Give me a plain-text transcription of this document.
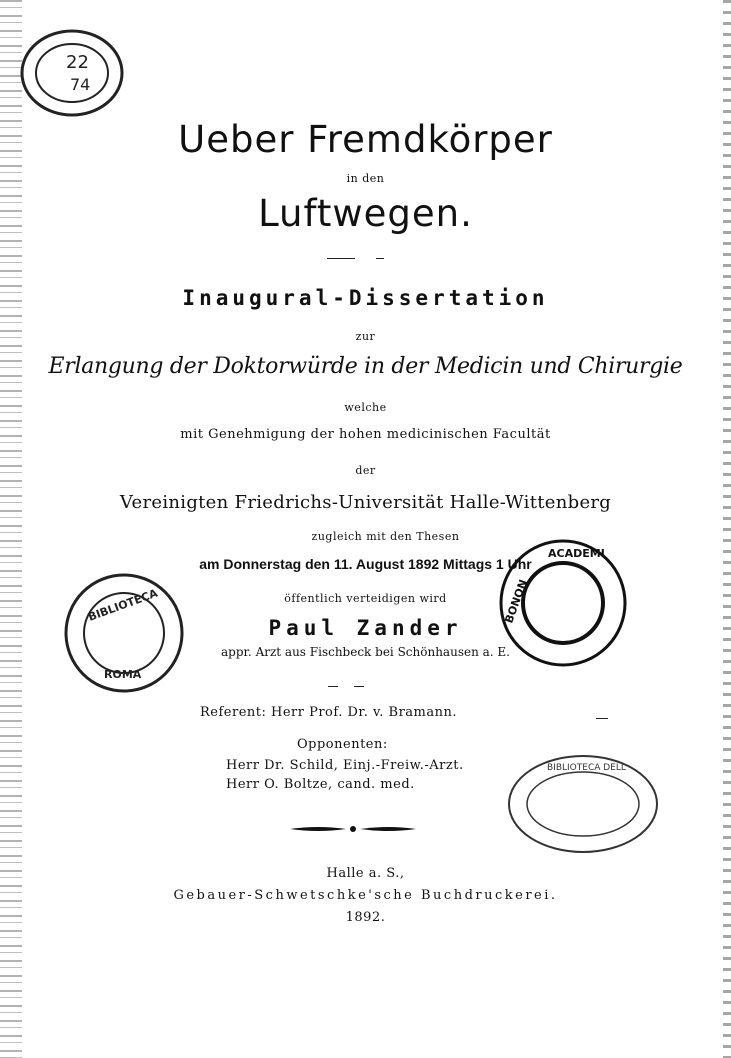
22
74
Ueber Fremdkörper
in den
Luftwegen.
Inaugural-Dissertation
zur
Erlangung der Doktorwürde in der Medicin und Chirurgie
welche
mit Genehmigung der hohen medicinischen Facultät
der
Vereinigten Friedrichs-Universität Halle-Wittenberg
zugleich mit den Thesen
am Donnerstag den 11. August 1892 Mittags 1 Uhr
öffentlich verteidigen wird
Paul Zander
appr. Arzt aus Fischbeck bei Schönhausen a. E.
Referent: Herr Prof. Dr. v. Bramann.
Opponenten:
Herr Dr. Schild, Einj.-Freiw.-Arzt.
Herr O. Boltze, cand. med.
Halle a. S.,
Gebauer-Schwetschke'sche Buchdruckerei.
1892.
BIBLIOTECA
ROMA
ACADEMI
BONON
BIBLIOTECA DELL
